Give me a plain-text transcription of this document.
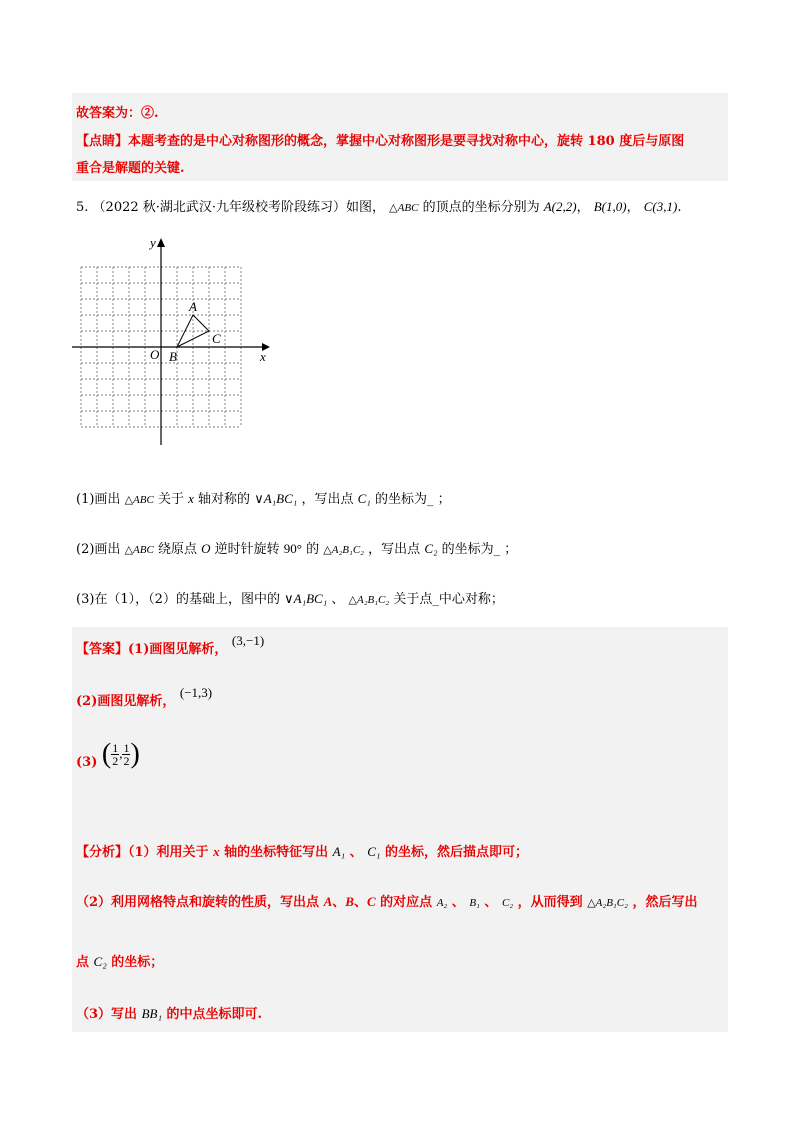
故答案为：②.
【点睛】本题考查的是中心对称图形的概念，掌握中心对称图形是要寻找对称中心，旋转 180 度后与原图
重合是解题的关键.
5. （2022 秋·湖北武汉·九年级校考阶段练习）如图， △ABC 的顶点的坐标分别为 A(2,2)， B(1,0)， C(3,1).
x
y
O
A
B
C
(1)画出 △ABC 关于 x 轴对称的 ∨A₁BC₁ ，写出点 C₁ 的坐标为_ ；
(2)画出 △ABC 绕原点 O 逆时针旋转 90° 的 △A₂B₁C₂ ，写出点 C₂ 的坐标为_ ；
(3)在（1），（2）的基础上，图中的 ∨A₁BC₁ 、 △A₂B₁C₂ 关于点_中心对称；
【答案】(1)画图见解析， (3,−1)
(2)画图见解析， (−1,3)
(3) ( $\frac{1}{2}$ , $\frac{1}{2}$ )
【分析】（1）利用关于 x 轴的坐标特征写出 A₁ 、 C₁ 的坐标，然后描点即可；
（2）利用网格特点和旋转的性质，写出点 A、B、C 的对应点 A₂ 、 B₁ 、 C₂ ，从而得到 △A₂B₁C₂ ，然后写出
点 C₂ 的坐标；
（3）写出 BB₁ 的中点坐标即可.
